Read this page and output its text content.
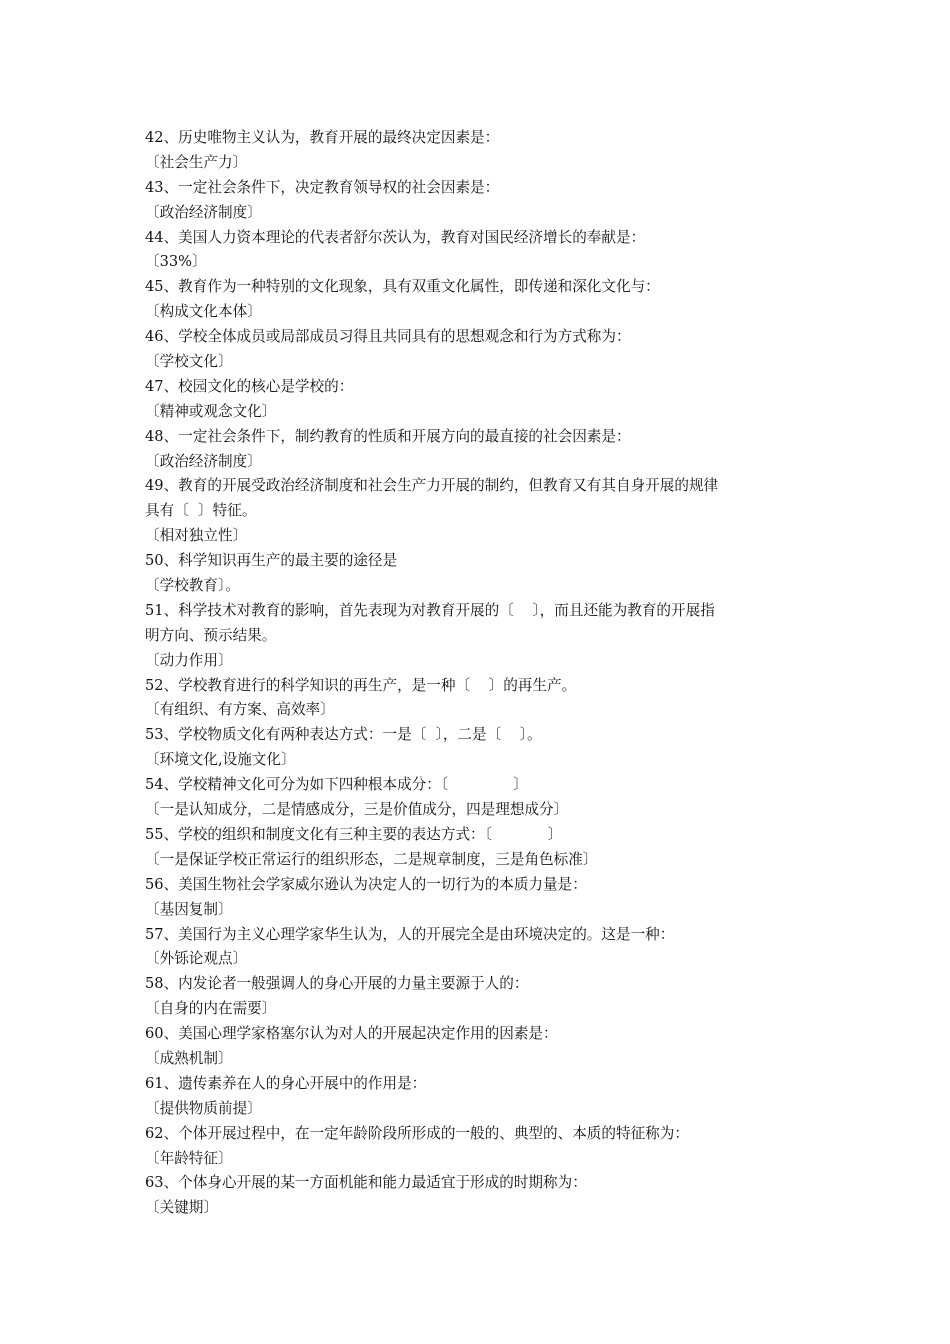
42、历史唯物主义认为，教育开展的最终决定因素是：
〔社会生产力〕
43、一定社会条件下，决定教育领导权的社会因素是：
〔政治经济制度〕
44、美国人力资本理论的代表者舒尔茨认为，教育对国民经济增长的奉献是：
〔33%〕
45、教育作为一种特别的文化现象，具有双重文化属性，即传递和深化文化与：
〔构成文化本体〕
46、学校全体成员或局部成员习得且共同具有的思想观念和行为方式称为：
〔学校文化〕
47、校园文化的核心是学校的：
〔精神或观念文化〕
48、一定社会条件下，制约教育的性质和开展方向的最直接的社会因素是：
〔政治经济制度〕
49、教育的开展受政治经济制度和社会生产力开展的制约，但教育又有其自身开展的规律
具有〔  〕特征。
〔相对独立性〕
50、科学知识再生产的最主要的途径是
〔学校教育〕。
51、科学技术对教育的影响，首先表现为对教育开展的〔    〕，而且还能为教育的开展指
明方向、预示结果。
〔动力作用〕
52、学校教育进行的科学知识的再生产，是一种〔    〕的再生产。
〔有组织、有方案、高效率〕
53、学校物质文化有两种表达方式：一是〔  〕，二是〔    〕。
〔环境文化,设施文化〕
54、学校精神文化可分为如下四种根本成分：〔              〕
〔一是认知成分，二是情感成分，三是价值成分，四是理想成分〕
55、学校的组织和制度文化有三种主要的表达方式：〔            〕
〔一是保证学校正常运行的组织形态，二是规章制度，三是角色标准〕
56、美国生物社会学家威尔逊认为决定人的一切行为的本质力量是：
〔基因复制〕
57、美国行为主义心理学家华生认为，人的开展完全是由环境决定的。这是一种：
〔外铄论观点〕
58、内发论者一般强调人的身心开展的力量主要源于人的：
〔自身的内在需要〕
60、美国心理学家格塞尔认为对人的开展起决定作用的因素是：
〔成熟机制〕
61、遗传素养在人的身心开展中的作用是：
〔提供物质前提〕
62、个体开展过程中，在一定年龄阶段所形成的一般的、典型的、本质的特征称为：
〔年龄特征〕
63、个体身心开展的某一方面机能和能力最适宜于形成的时期称为：
〔关键期〕
